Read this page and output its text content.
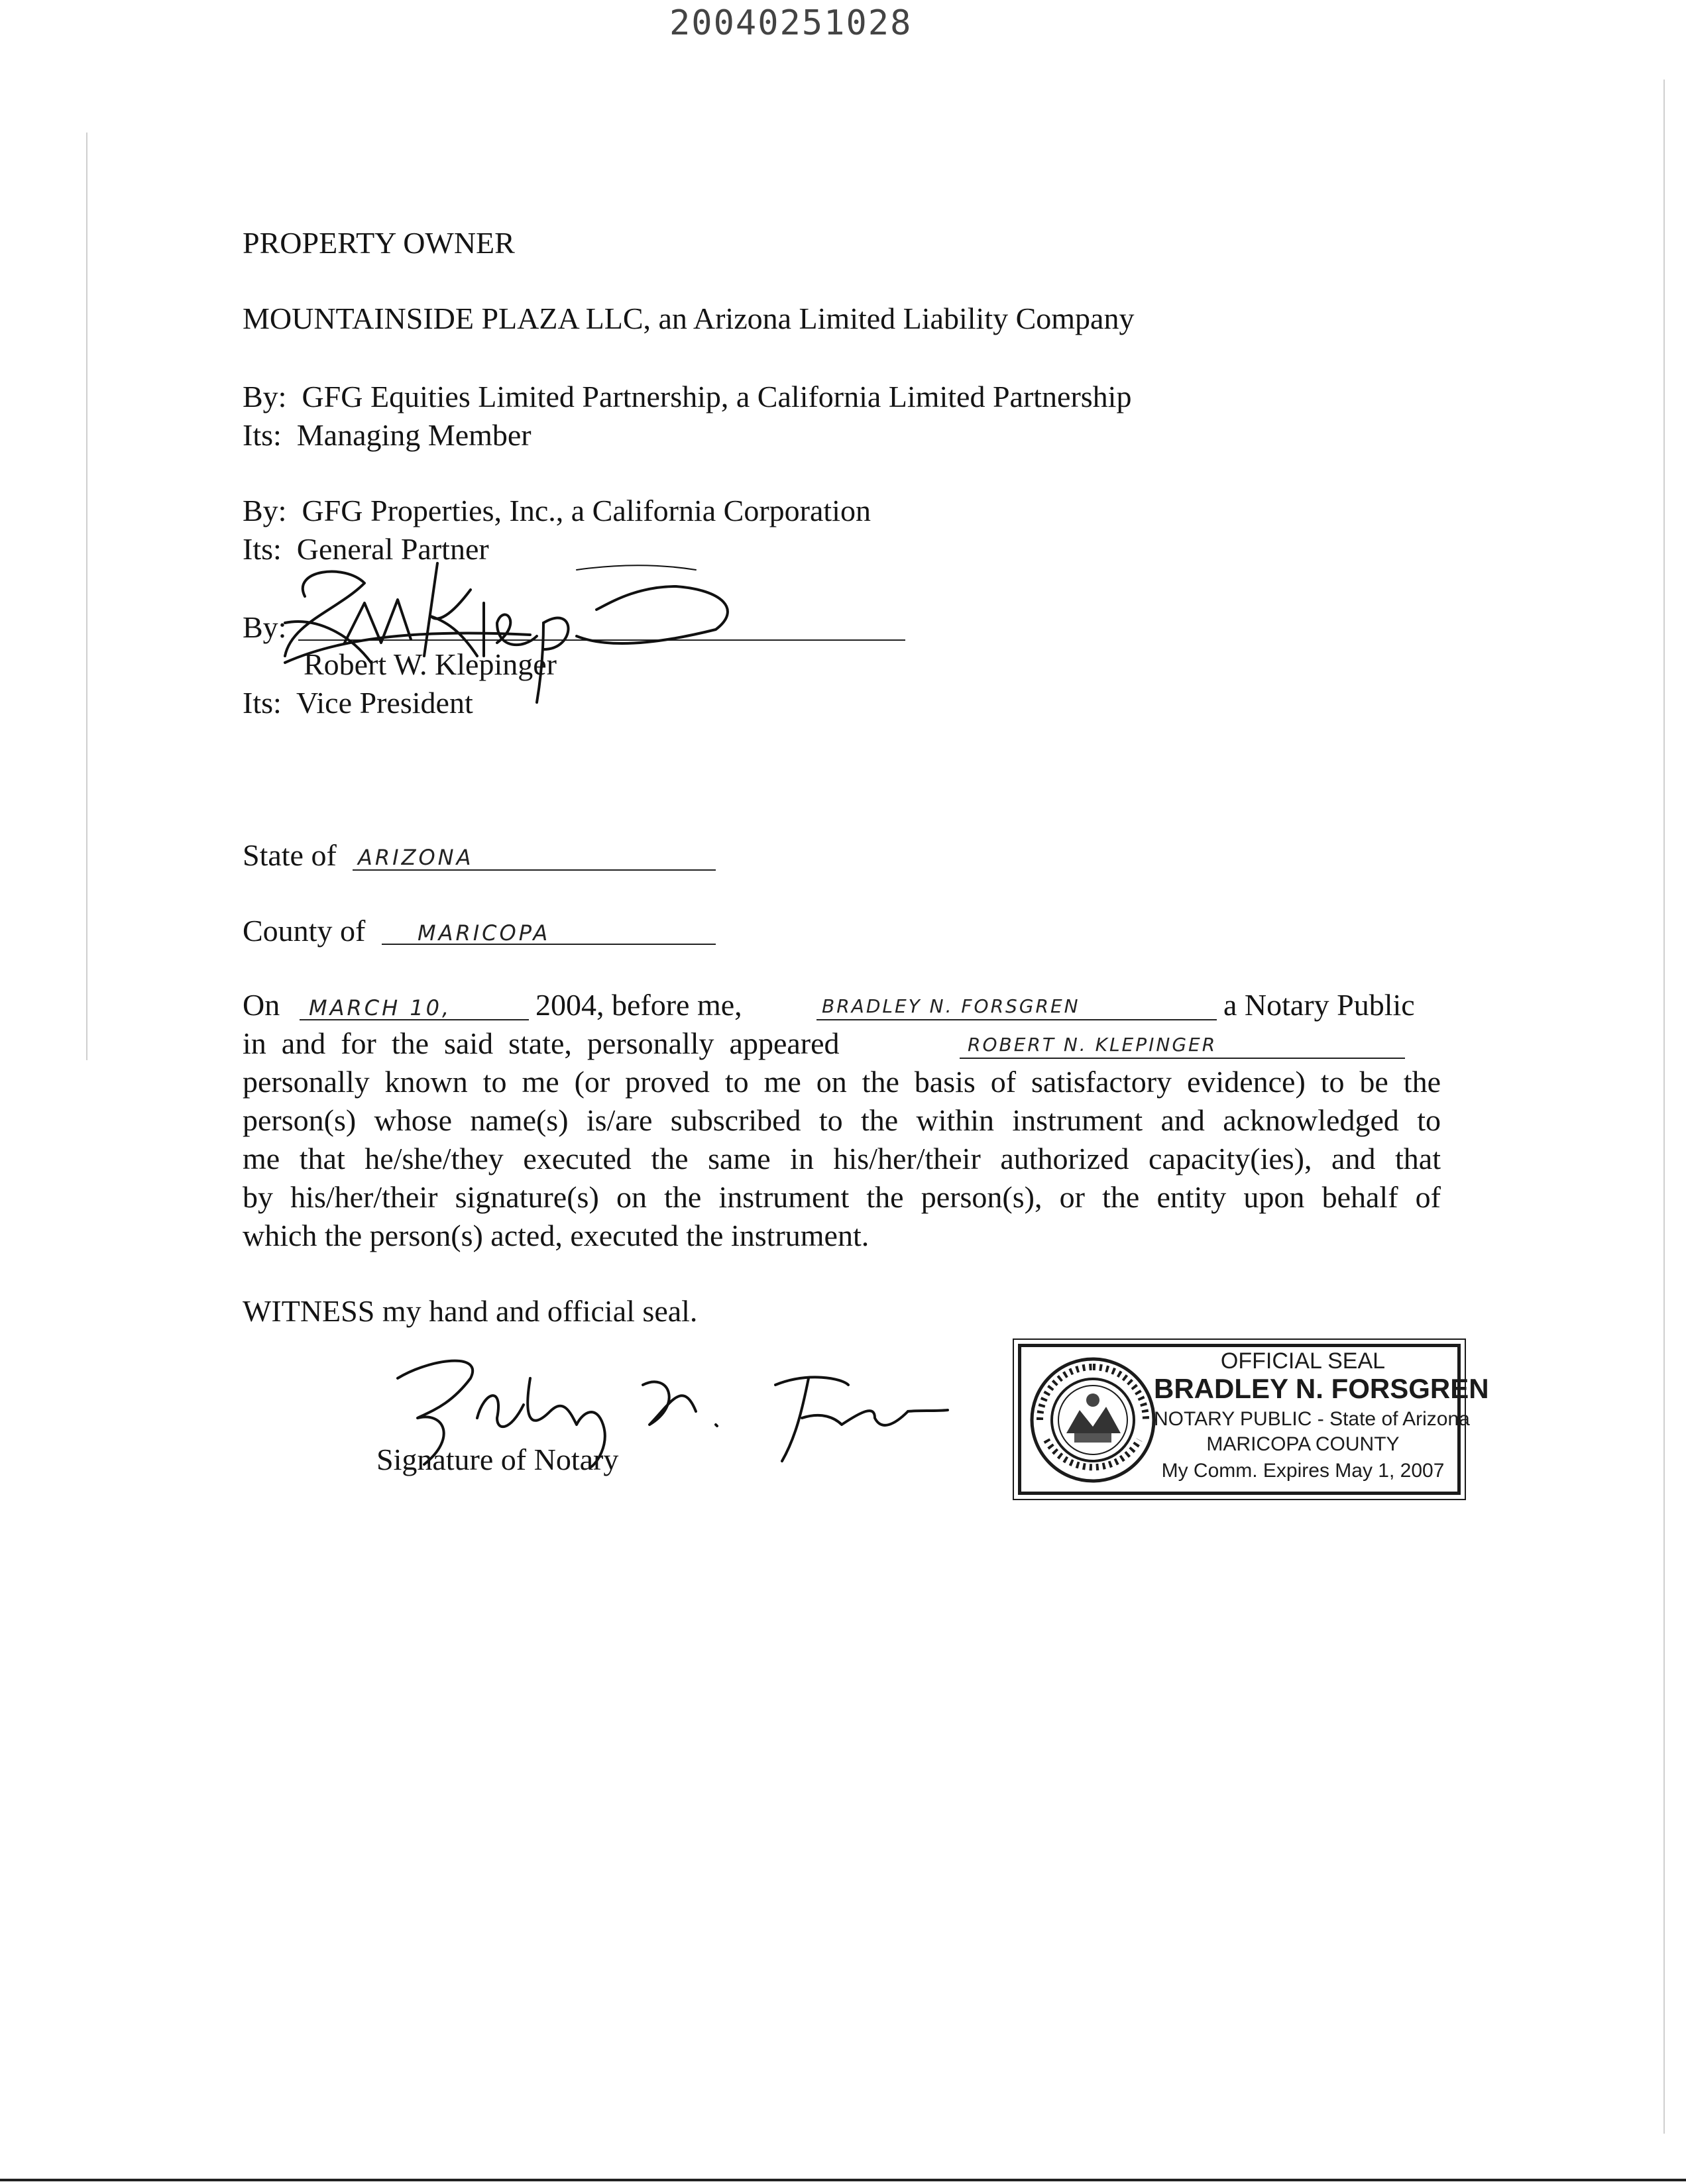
20040251028
PROPERTY OWNER
MOUNTAINSIDE PLAZA LLC, an Arizona Limited Liability Company
By:  GFG Equities Limited Partnership, a California Limited Partnership
Its:  Managing Member
By:  GFG Properties, Inc., a California Corporation
Its:  General Partner
By:
Robert W. Klepinger
Its:  Vice President
State of ARIZONA
County of MARICOPA
On MARCH 10,	2004, before me,	BRADLEY N. FORSGREN	a Notary Public
in  and  for  the  said  state,  personally  appeared	ROBERT N. KLEPINGER
personally known to me (or proved to me on the basis of satisfactory evidence) to be the
person(s) whose name(s) is/are subscribed to the within instrument and acknowledged to
me that he/she/they executed the same in his/her/their authorized capacity(ies), and that
by his/her/their signature(s) on the instrument the person(s), or the entity upon behalf of
which the person(s) acted, executed the instrument.
WITNESS my hand and official seal.
Signature of Notary
OFFICIAL SEAL
BRADLEY N. FORSGREN
NOTARY PUBLIC - State of Arizona
MARICOPA COUNTY
My Comm. Expires May 1, 2007
